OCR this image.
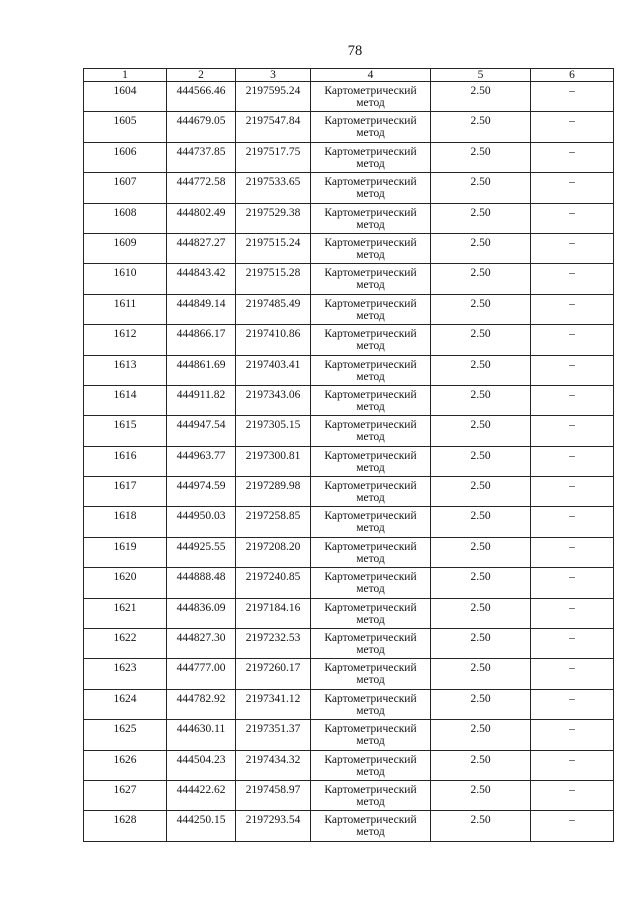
78
1	2	3	4	5	6
1604	444566.46	2197595.24	Картометрический метод	2.50	–
1605	444679.05	2197547.84	Картометрический метод	2.50	–
1606	444737.85	2197517.75	Картометрический метод	2.50	–
1607	444772.58	2197533.65	Картометрический метод	2.50	–
1608	444802.49	2197529.38	Картометрический метод	2.50	–
1609	444827.27	2197515.24	Картометрический метод	2.50	–
1610	444843.42	2197515.28	Картометрический метод	2.50	–
1611	444849.14	2197485.49	Картометрический метод	2.50	–
1612	444866.17	2197410.86	Картометрический метод	2.50	–
1613	444861.69	2197403.41	Картометрический метод	2.50	–
1614	444911.82	2197343.06	Картометрический метод	2.50	–
1615	444947.54	2197305.15	Картометрический метод	2.50	–
1616	444963.77	2197300.81	Картометрический метод	2.50	–
1617	444974.59	2197289.98	Картометрический метод	2.50	–
1618	444950.03	2197258.85	Картометрический метод	2.50	–
1619	444925.55	2197208.20	Картометрический метод	2.50	–
1620	444888.48	2197240.85	Картометрический метод	2.50	–
1621	444836.09	2197184.16	Картометрический метод	2.50	–
1622	444827.30	2197232.53	Картометрический метод	2.50	–
1623	444777.00	2197260.17	Картометрический метод	2.50	–
1624	444782.92	2197341.12	Картометрический метод	2.50	–
1625	444630.11	2197351.37	Картометрический метод	2.50	–
1626	444504.23	2197434.32	Картометрический метод	2.50	–
1627	444422.62	2197458.97	Картометрический метод	2.50	–
1628	444250.15	2197293.54	Картометрический метод	2.50	–
